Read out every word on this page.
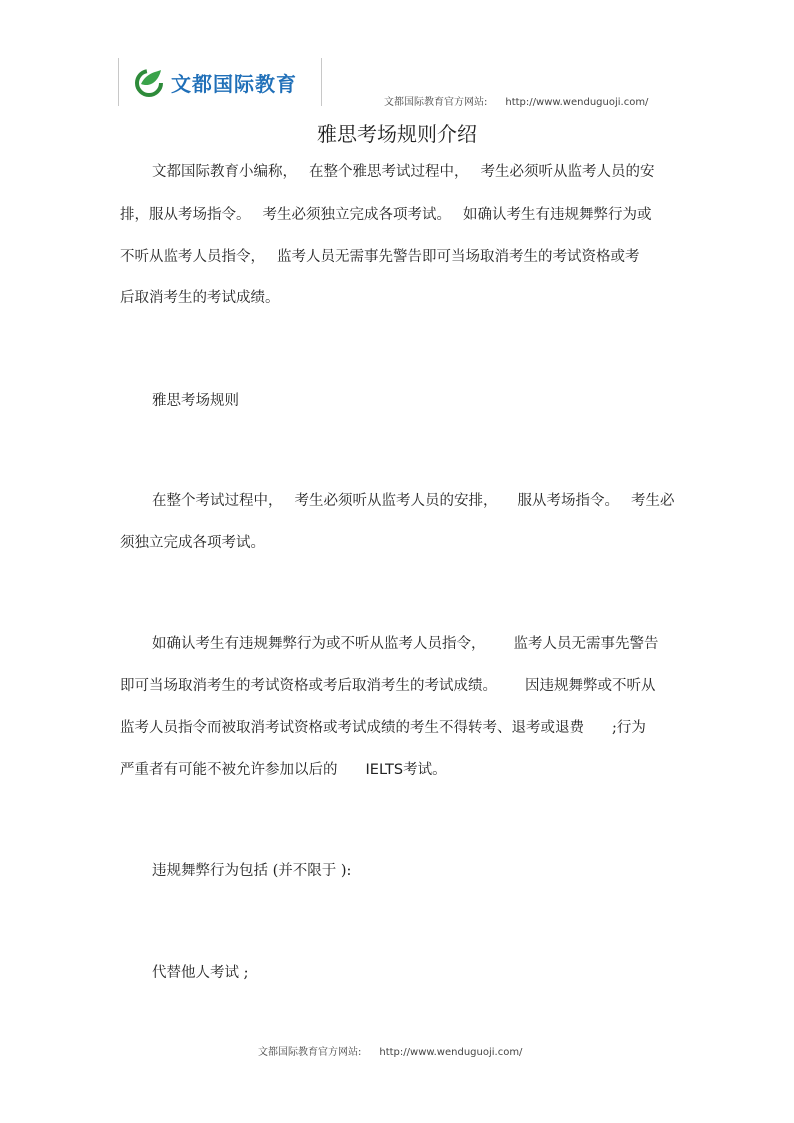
文都国际教育
文都国际教育官方网站: http://www.wenduguoji.com/
雅思考场规则介绍
文都国际教育小编称， 在整个雅思考试过程中， 考生必须听从监考人员的安
排，服从考场指令。 考生必须独立完成各项考试。 如确认考生有违规舞弊行为或
不听从监考人员指令， 监考人员无需事先警告即可当场取消考生的考试资格或考
后取消考生的考试成绩。
雅思考场规则
在整个考试过程中， 考生必须听从监考人员的安排， 服从考场指令。 考生必
须独立完成各项考试。
如确认考生有违规舞弊行为或不听从监考人员指令， 监考人员无需事先警告
即可当场取消考生的考试资格或考后取消考生的考试成绩。 因违规舞弊或不听从
监考人员指令而被取消考试资格或考试成绩的考生不得转考、退考或退费 ;行为
严重者有可能不被允许参加以后的 IELTS考试。
违规舞弊行为包括 (并不限于 ):
代替他人考试 ;
文都国际教育官方网站: http://www.wenduguoji.com/
